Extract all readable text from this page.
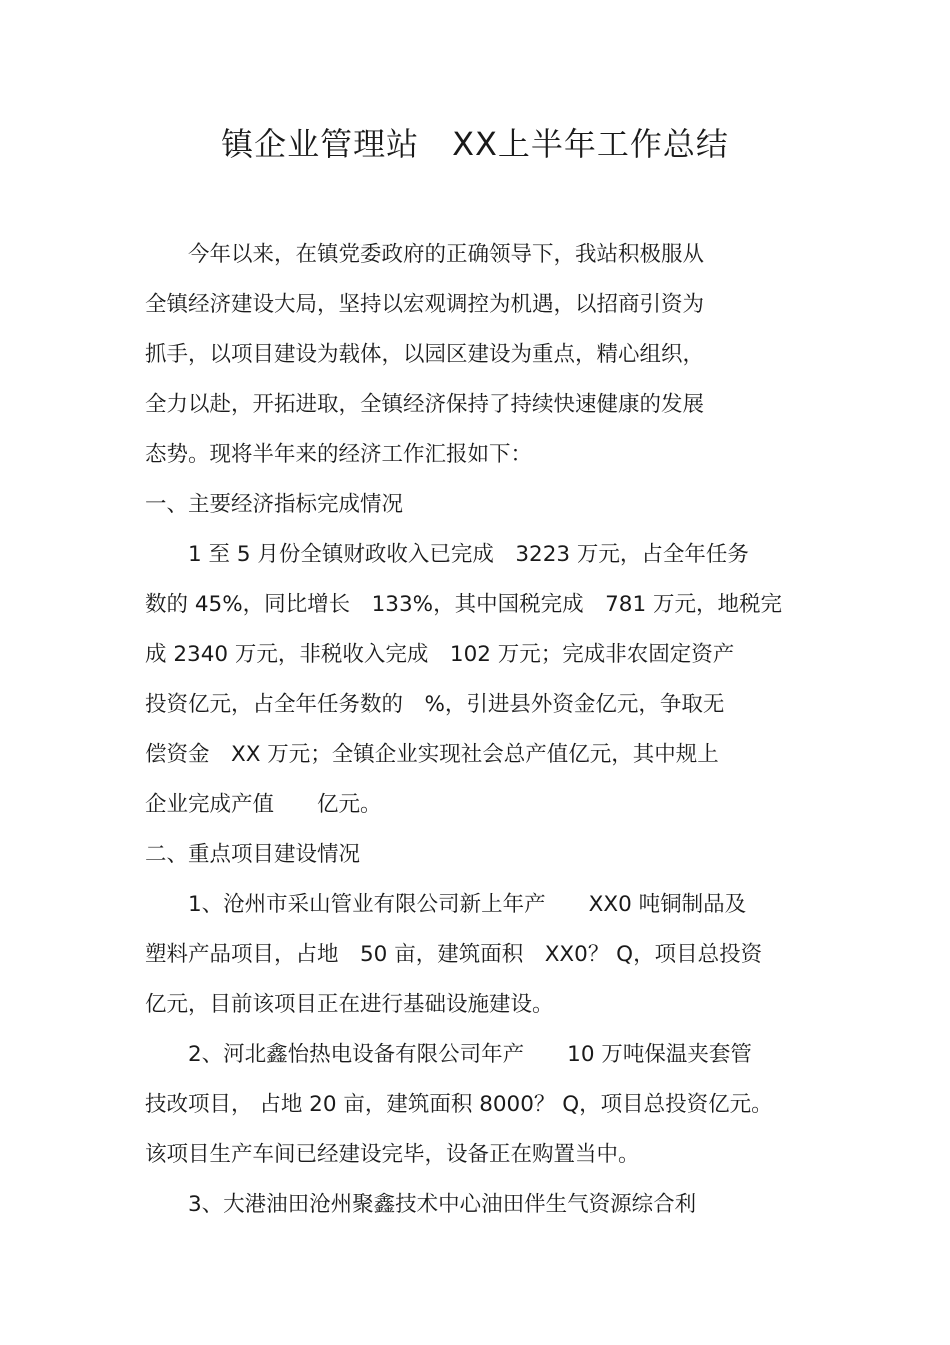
镇企业管理站　XX上半年工作总结

　　今年以来，在镇党委政府的正确领导下，我站积极服从

全镇经济建设大局，坚持以宏观调控为机遇，以招商引资为

抓手，以项目建设为载体，以园区建设为重点，精心组织，

全力以赴，开拓进取，全镇经济保持了持续快速健康的发展

态势。现将半年来的经济工作汇报如下：

一、主要经济指标完成情况

　　1 至 5 月份全镇财政收入已完成　3223 万元，占全年任务

数的 45%，同比增长　133%，其中国税完成　781 万元，地税完

成 2340 万元，非税收入完成　102 万元；完成非农固定资产

投资亿元，占全年任务数的　%，引进县外资金亿元，争取无

偿资金　XX 万元；全镇企业实现社会总产值亿元，其中规上

企业完成产值　　亿元。

二、重点项目建设情况

　　1、沧州市采山管业有限公司新上年产　　XX0 吨铜制品及

塑料产品项目，占地　50 亩，建筑面积　XX0？ Q，项目总投资

亿元，目前该项目正在进行基础设施建设。

　　2、河北鑫怡热电设备有限公司年产　　10 万吨保温夹套管

技改项目， 占地 20 亩，建筑面积 8000？ Q，项目总投资亿元。

该项目生产车间已经建设完毕，设备正在购置当中。

　　3、大港油田沧州聚鑫技术中心油田伴生气资源综合利
